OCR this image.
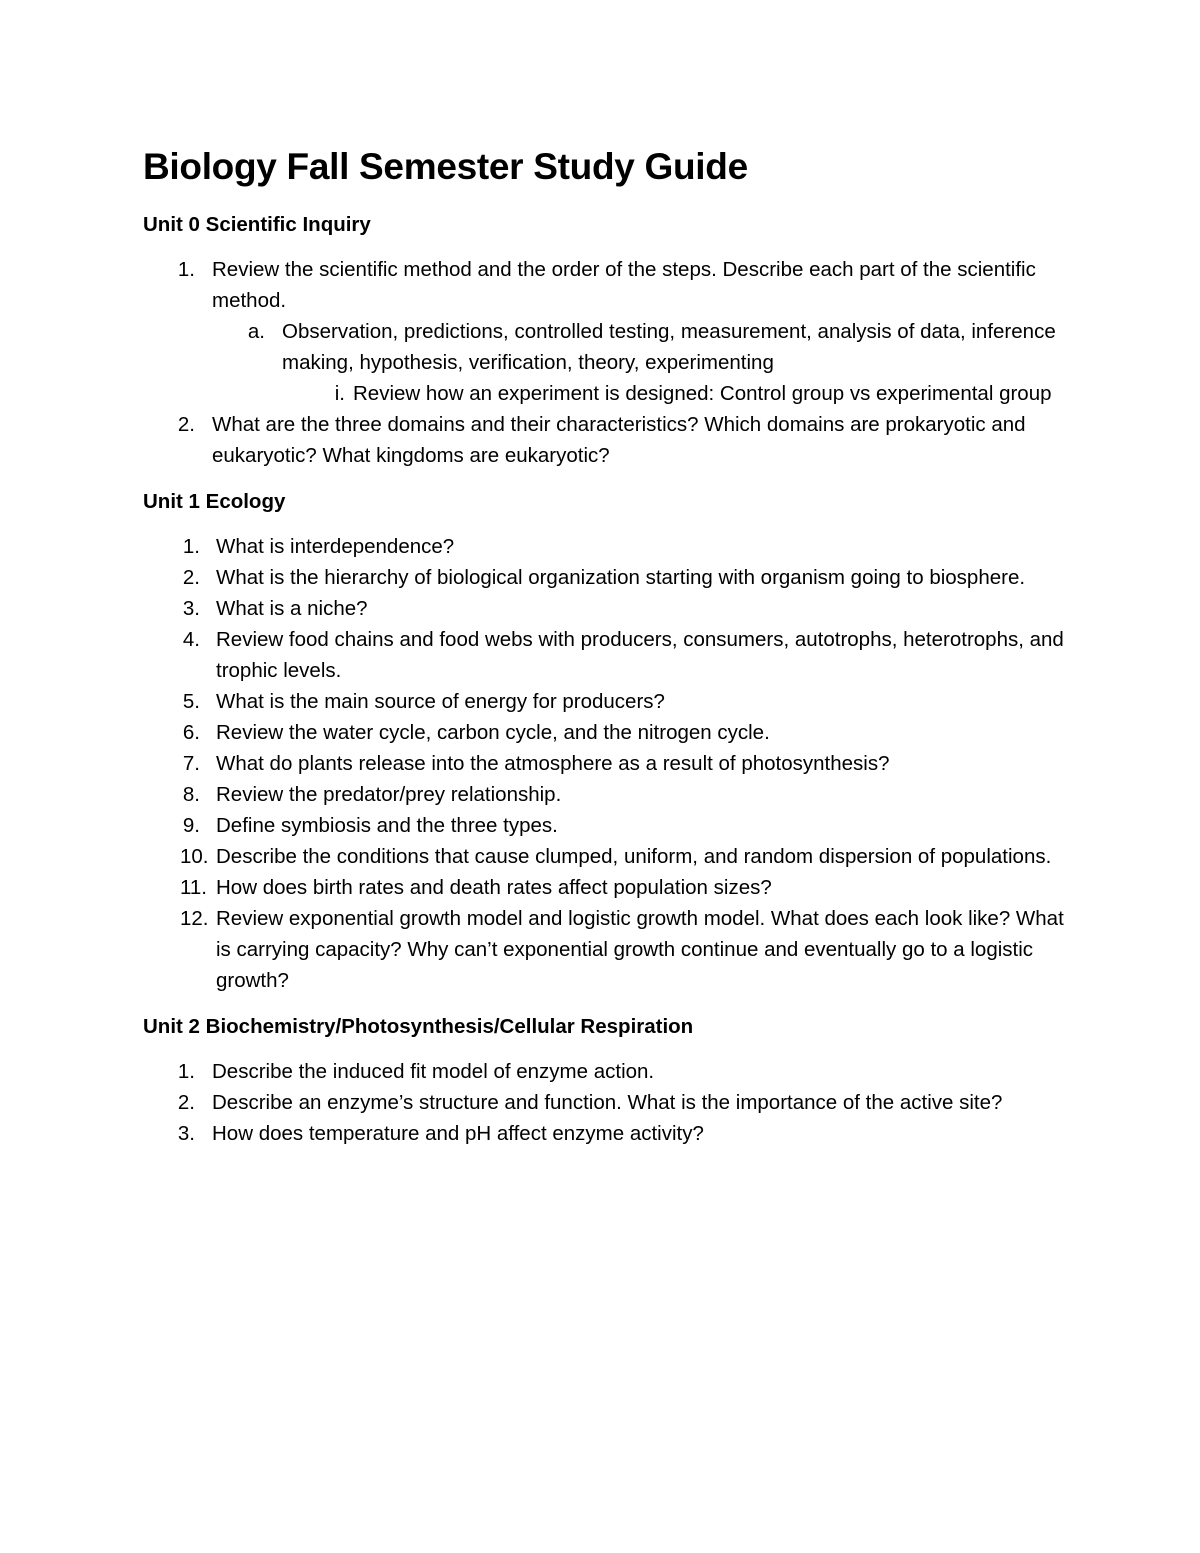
Biology Fall Semester Study Guide
Unit 0 Scientific Inquiry
1. Review the scientific method and the order of the steps. Describe each part of the scientific method.
a. Observation, predictions, controlled testing, measurement, analysis of data, inference making, hypothesis, verification, theory, experimenting
i. Review how an experiment is designed: Control group vs experimental group
2. What are the three domains and their characteristics? Which domains are prokaryotic and eukaryotic? What kingdoms are eukaryotic?
Unit 1 Ecology
1. What is interdependence?
2. What is the hierarchy of biological organization starting with organism going to biosphere.
3. What is a niche?
4. Review food chains and food webs with producers, consumers, autotrophs, heterotrophs, and trophic levels.
5. What is the main source of energy for producers?
6. Review the water cycle, carbon cycle, and the nitrogen cycle.
7. What do plants release into the atmosphere as a result of photosynthesis?
8. Review the predator/prey relationship.
9. Define symbiosis and the three types.
10. Describe the conditions that cause clumped, uniform, and random dispersion of populations.
11. How does birth rates and death rates affect population sizes?
12. Review exponential growth model and logistic growth model. What does each look like? What is carrying capacity? Why can’t exponential growth continue and eventually go to a logistic growth?
Unit 2 Biochemistry/Photosynthesis/Cellular Respiration
1. Describe the induced fit model of enzyme action.
2. Describe an enzyme’s structure and function. What is the importance of the active site?
3. How does temperature and pH affect enzyme activity?
